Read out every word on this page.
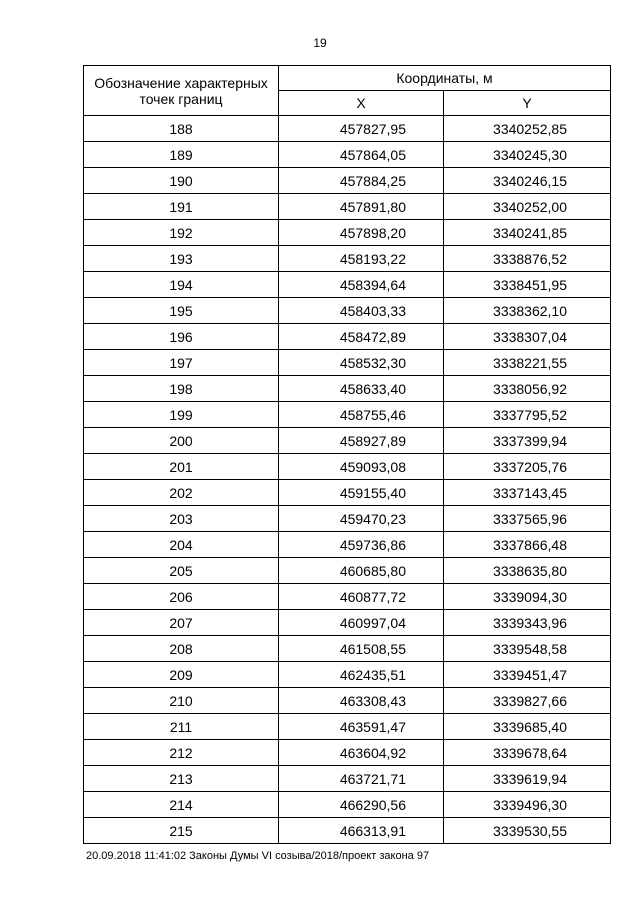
19
Обозначение характерных точек границ	Координаты, м	
	X	Y
188	457827,95	3340252,85
189	457864,05	3340245,30
190	457884,25	3340246,15
191	457891,80	3340252,00
192	457898,20	3340241,85
193	458193,22	3338876,52
194	458394,64	3338451,95
195	458403,33	3338362,10
196	458472,89	3338307,04
197	458532,30	3338221,55
198	458633,40	3338056,92
199	458755,46	3337795,52
200	458927,89	3337399,94
201	459093,08	3337205,76
202	459155,40	3337143,45
203	459470,23	3337565,96
204	459736,86	3337866,48
205	460685,80	3338635,80
206	460877,72	3339094,30
207	460997,04	3339343,96
208	461508,55	3339548,58
209	462435,51	3339451,47
210	463308,43	3339827,66
211	463591,47	3339685,40
212	463604,92	3339678,64
213	463721,71	3339619,94
214	466290,56	3339496,30
215	466313,91	3339530,55
20.09.2018 11:41:02 Законы Думы VI созыва/2018/проект закона 97
